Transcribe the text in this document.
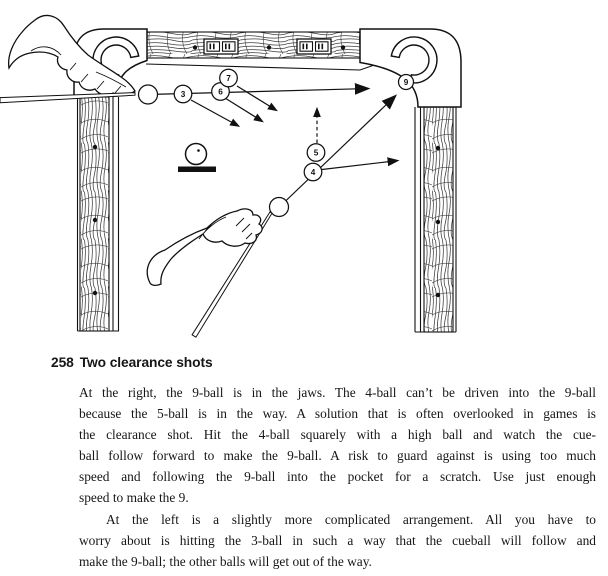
3	6
7	9
5
4
258 Two clearance shots
At the right, the 9-ball is in the jaws. The 4-ball can’t be driven into the 9-ball
because the 5-ball is in the way. A solution that is often overlooked in games is
the clearance shot. Hit the 4-ball squarely with a high ball and watch the cue-
ball follow forward to make the 9-ball. A risk to guard against is using too much
speed and following the 9-ball into the pocket for a scratch. Use just enough
speed to make the 9.
At the left is a slightly more complicated arrangement. All you have to
worry about is hitting the 3-ball in such a way that the cueball will follow and
make the 9-ball; the other balls will get out of the way.
